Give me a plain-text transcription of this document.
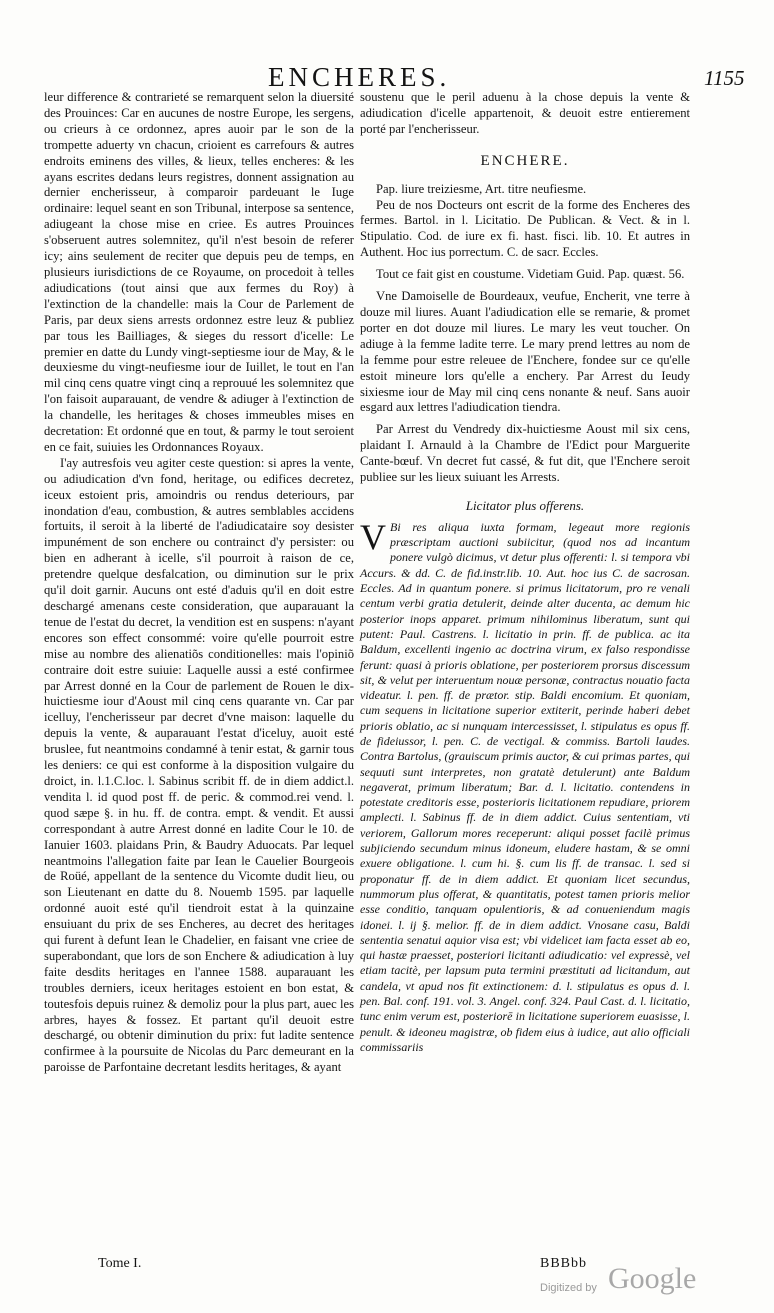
ENCHERES.	1155

leur difference & contrarieté se remarquent selon la diuersité des Prouinces: Car en aucunes de nostre Europe, les sergens, ou crieurs à ce ordonnez, apres auoir par le son de la trompette aduerty vn chacun, crioient es carrefours & autres endroits eminens des villes, & lieux, telles encheres: & les ayans escrites dedans leurs registres, donnent assignation au dernier encherisseur, à comparoir pardeuant le Iuge ordinaire: lequel seant en son Tribunal, interpose sa sentence, adiugeant la chose mise en criee. Es autres Prouinces s'obseruent autres solemnitez, qu'il n'est besoin de referer icy; ains seulement de reciter que depuis peu de temps, en plusieurs iurisdictions de ce Royaume, on procedoit à telles adiudications (tout ainsi que aux fermes du Roy) à l'extinction de la chandelle: mais la Cour de Parlement de Paris, par deux siens arrests ordonnez estre leuz & publiez par tous les Bailliages, & sieges du ressort d'icelle: Le premier en datte du Lundy vingt-septiesme iour de May, & le deuxiesme du vingt-neufiesme iour de Iuillet, le tout en l'an mil cinq cens quatre vingt cinq a reprouué les solemnitez que l'on faisoit auparauant, de vendre & adiuger à l'extinction de la chandelle, les heritages & choses immeubles mises en decretation: Et ordonné que en tout, & parmy le tout seroient en ce fait, suiuies les Ordonnances Royaux.

I'ay autresfois veu agiter ceste question: si apres la vente, ou adiudication d'vn fond, heritage, ou edifices decretez, iceux estoient pris, amoindris ou rendus deteriours, par inondation d'eau, combustion, & autres semblables accidens fortuits, il seroit à la liberté de l'adiudicataire soy desister impunément de son enchere ou contrainct d'y persister: ou bien en adherant à icelle, s'il pourroit à raison de ce, pretendre quelque desfalcation, ou diminution sur le prix qu'il doit garnir. Aucuns ont esté d'aduis qu'il en doit estre deschargé amenans ceste consideration, que auparauant la tenue de l'estat du decret, la vendition est en suspens: n'ayant encores son effect consommé: voire qu'elle pourroit estre mise au nombre des alienatiõs conditionelles: mais l'opiniõ contraire doit estre suiuie: Laquelle aussi a esté confirmee par Arrest donné en la Cour de parlement de Rouen le dix-huictiesme iour d'Aoust mil cinq cens quarante vn. Car par icelluy, l'encherisseur par decret d'vne maison: laquelle du depuis la vente, & auparauant l'estat d'iceluy, auoit esté bruslee, fut neantmoins condamné à tenir estat, & garnir tous les deniers: ce qui est conforme à la disposition vulgaire du droict, in. l.1.C.loc. l. Sabinus scribit ff. de in diem addict.l. vendita l. id quod post ff. de peric. & commod.rei vend. l. quod sæpe §. in hu. ff. de contra. empt. & vendit. Et aussi correspondant à autre Arrest donné en ladite Cour le 10. de Ianuier 1603. plaidans Prin, & Baudry Aduocats. Par lequel neantmoins l'allegation faite par Iean le Cauelier Bourgeois de Roüé, appellant de la sentence du Vicomte dudit lieu, ou son Lieutenant en datte du 8. Nouemb 1595. par laquelle ordonné auoit esté qu'il tiendroit estat à la quinzaine ensuiuant du prix de ses Encheres, au decret des heritages qui furent à defunt Iean le Chadelier, en faisant vne criee de superabondant, que lors de son Enchere & adiudication à luy faite desdits heritages en l'annee 1588. auparauant les troubles derniers, iceux heritages estoient en bon estat, & toutesfois depuis ruinez & demoliz pour la plus part, auec les arbres, hayes & fossez. Et partant qu'il deuoit estre deschargé, ou obtenir diminution du prix: fut ladite sentence confirmee à la poursuite de Nicolas du Parc demeurant en la paroisse de Parfontaine decretant lesdits heritages, & ayant

soustenu que le peril aduenu à la chose depuis la vente & adiudication d'icelle appartenoit, & deuoit estre entierement porté par l'encherisseur.

ENCHERE.

Pap. liure treiziesme, Art. titre neufiesme.

Peu de nos Docteurs ont escrit de la forme des Encheres des fermes. Bartol. in l. Licitatio. De Publican. & Vect. & in l. Stipulatio. Cod. de iure ex fi. hast. fisci. lib. 10. Et autres in Authent. Hoc ius porrectum. C. de sacr. Eccles.

Tout ce fait gist en coustume. Videtiam Guid. Pap. quæst. 56.

Vne Damoiselle de Bourdeaux, veufue, Encherit, vne terre à douze mil liures. Auant l'adiudication elle se remarie, & promet porter en dot douze mil liures. Le mary les veut toucher. On adiuge à la femme ladite terre. Le mary prend lettres au nom de la femme pour estre releuee de l'Enchere, fondee sur ce qu'elle estoit mineure lors qu'elle a enchery. Par Arrest du Ieudy sixiesme iour de May mil cinq cens nonante & neuf. Sans auoir esgard aux lettres l'adiudication tiendra.

Par Arrest du Vendredy dix-huictiesme Aoust mil six cens, plaidant I. Arnauld à la Chambre de l'Edict pour Marguerite Cante-bœuf. Vn decret fut cassé, & fut dit, que l'Enchere seroit publiee sur les lieux suiuant les Arrests.

Licitator plus offerens.

V Bi res aliqua iuxta formam, legeaut more regionis præscriptam auctioni subiicitur, (quod nos ad incantum ponere vulgò dicimus, vt detur plus offerenti: l. si tempora vbi Accurs. & dd. C. de fid.instr.lib. 10. Aut. hoc ius C. de sacrosan. Eccles. Ad in quantum ponere. si primus licitatorum, pro re venali centum verbi gratia detulerit, deinde alter ducenta, ac demum hic posterior inops apparet. primum nihilominus liberatum, sunt qui putent: Paul. Castrens. l. licitatio in prin. ff. de publica. ac ita Baldum, excellenti ingenio ac doctrina virum, ex falso respondisse ferunt: quasi à prioris oblatione, per posteriorem prorsus discessum sit, & velut per interuentum nouæ personæ, contractus nouatio facta videatur. l. pen. ff. de prætor. stip. Baldi encomium. Et quoniam, cum sequens in licitatione superior extiterit, perinde haberi debet prioris oblatio, ac si nunquam intercessisset, l. stipulatus es opus ff. de fideiussor, l. pen. C. de vectigal. & commiss. Bartoli laudes. Contra Bartolus, (grauiscum primis auctor, & cui primas partes, qui sequuti sunt interpretes, non gratatè detulerunt) ante Baldum negaverat, primum liberatum; Bar. d. l. licitatio. contendens in potestate creditoris esse, posterioris licitationem repudiare, priorem amplecti. l. Sabinus ff. de in diem addict. Cuius sententiam, vti veriorem, Gallorum mores receperunt: aliqui posset facilè primus subjiciendo secundum minus idoneum, eludere hastam, & se omni exuere obligatione. l. cum hi. §. cum lis ff. de transac. l. sed si proponatur ff. de in diem addict. Et quoniam licet secundus, nummorum plus offerat, & quantitatis, potest tamen prioris melior esse conditio, tanquam opulentioris, & ad conueniendum magis idonei. l. ij §. melior. ff. de in diem addict. Vnosane casu, Baldi sententia senatui aquior visa est; vbi videlicet iam facta esset ab eo, qui hastæ praesset, posteriori licitanti adiudicatio: vel expressè, vel etiam tacitè, per lapsum puta termini præstituti ad licitandum, aut candela, vt apud nos fit extinctionem: d. l. stipulatus es opus d. l. pen. Bal. conf. 191. vol. 3. Angel. conf. 324. Paul Cast. d. l. licitatio, tunc enim verum est, posteriorē in licitatione superiorem euasisse, l. penult. & ideoneu magistræ, ob fidem eius à iudice, aut alio officiali commissariis

Tome I.	BBBbb
Digitized by Google
